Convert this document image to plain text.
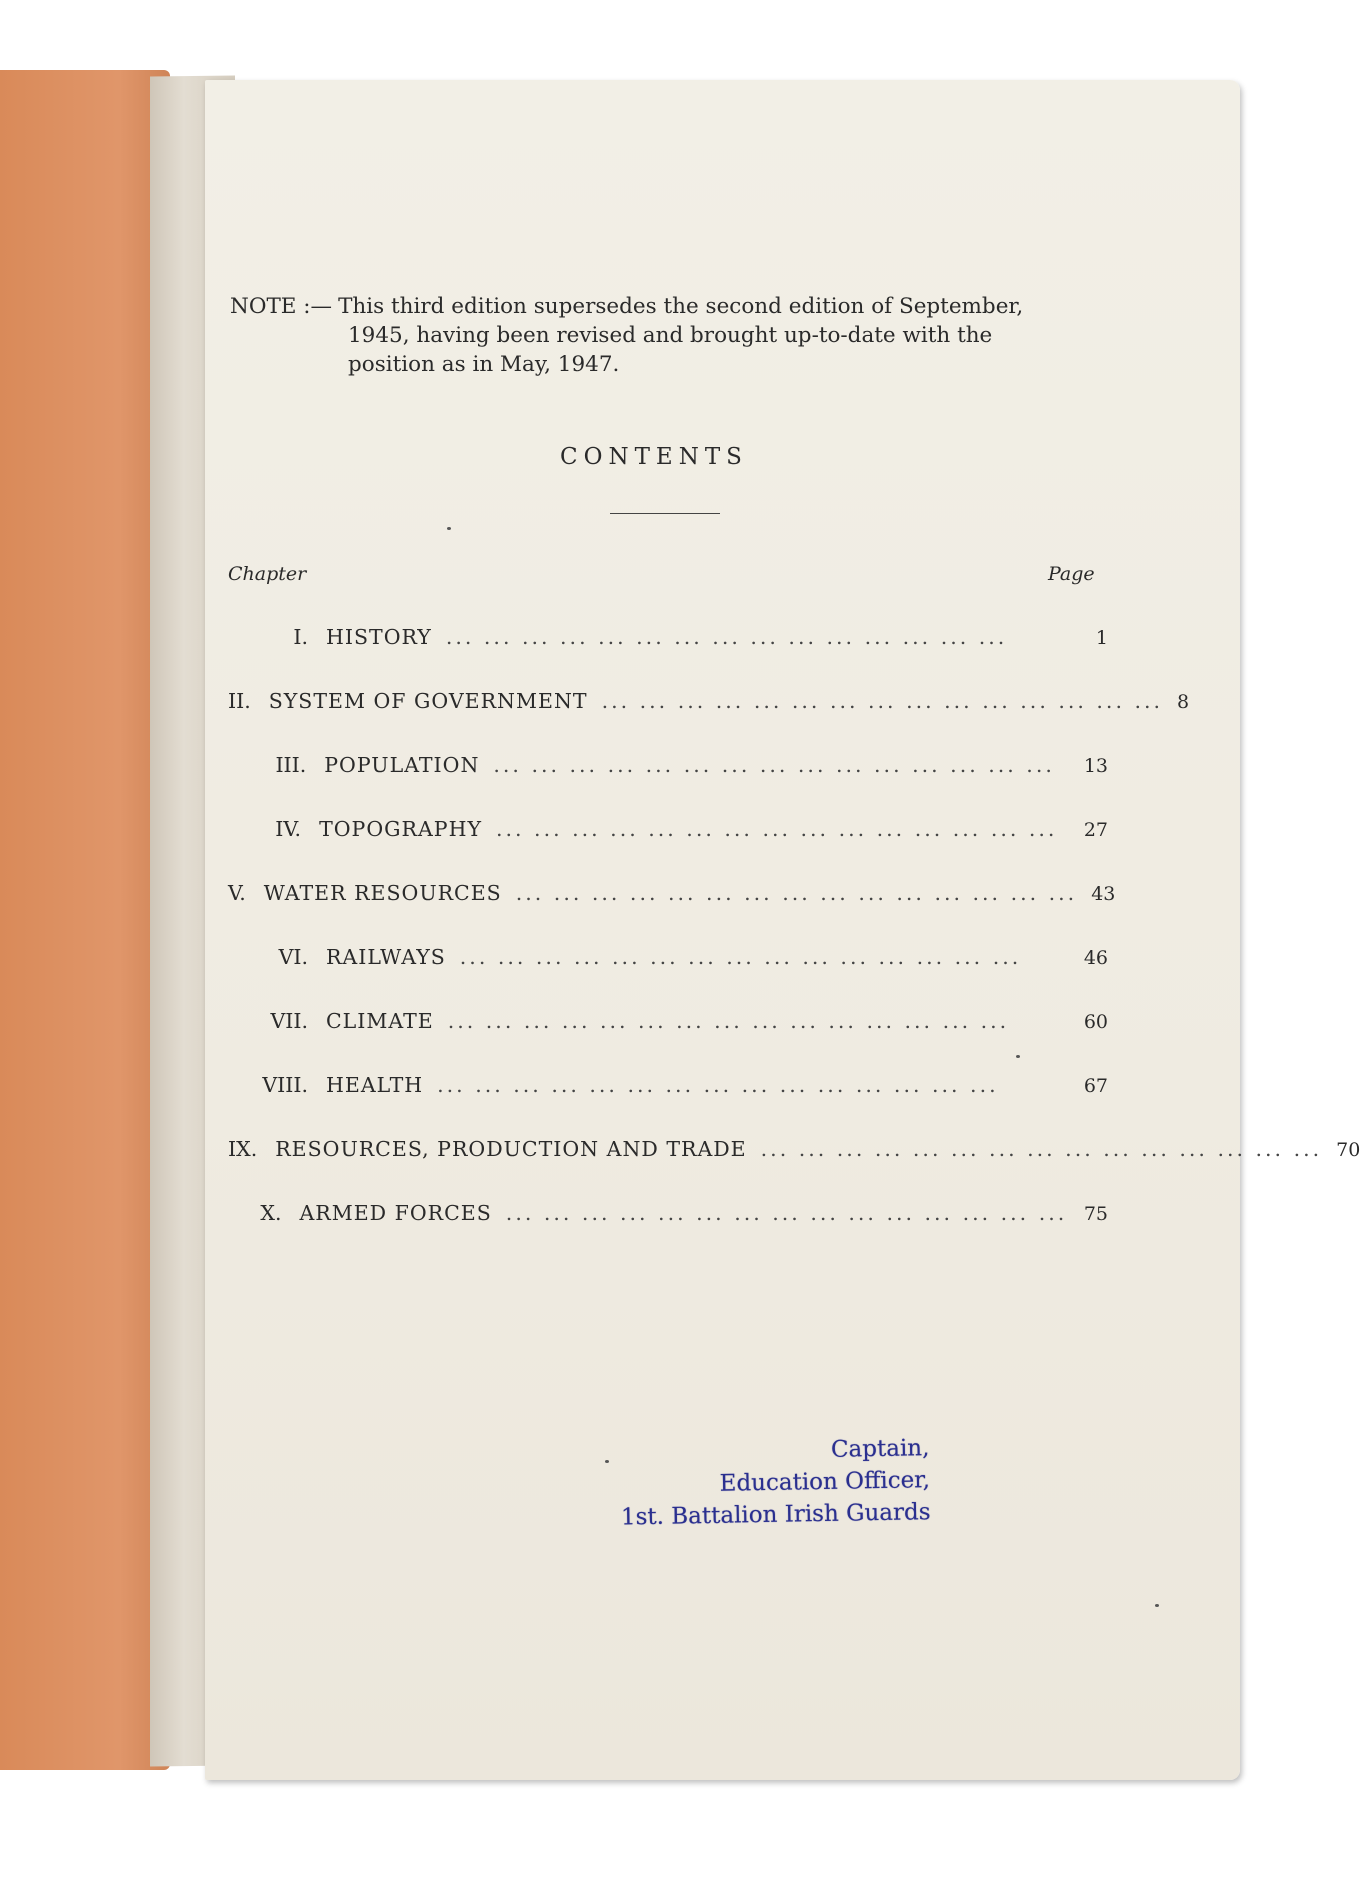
NOTE :— This third edition supersedes the second edition of September,
1945, having been revised and brought up-to-date with the
position as in May, 1947.
CONTENTS
Chapter	Page
I. HISTORY ... ... ... ... ... ... ... ... ... ... ... ... ... ... ...	1
II. SYSTEM OF GOVERNMENT ... ... ... ... ... ... ... ... ... ... ... ... ... ... ... 8
III. POPULATION ... ... ... ... ... ... ... ... ... ... ... ... ... ... ...	13
IV. TOPOGRAPHY ... ... ... ... ... ... ... ... ... ... ... ... ... ... ...	27
V. WATER RESOURCES ... ... ... ... ... ... ... ... ... ... ... ... ... ... ... 43
VI. RAILWAYS ... ... ... ... ... ... ... ... ... ... ... ... ... ... ...	46
VII. CLIMATE ... ... ... ... ... ... ... ... ... ... ... ... ... ... ...	60
VIII. HEALTH ... ... ... ... ... ... ... ... ... ... ... ... ... ... ...	67
IX. RESOURCES, PRODUCTION AND TRADE ... ... ... ... ... ... ... ... ... ... ... ... ... ... ... 70
X. ARMED FORCES ... ... ... ... ... ... ... ... ... ... ... ... ... ... ... 75
Captain,
Education Officer,
1st. Battalion Irish Guards
